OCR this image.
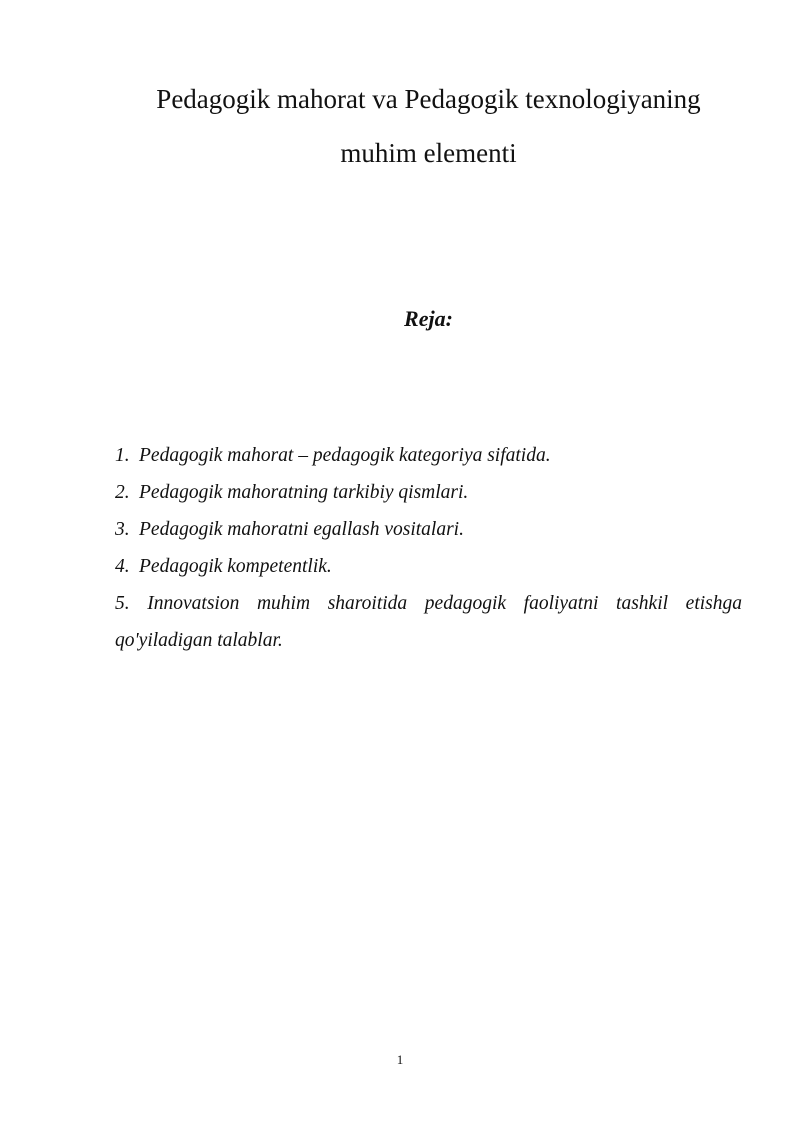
Pedagogik mahorat va Pedagogik texnologiyaning
muhim elementi
Reja:
1. Pedagogik mahorat – pedagogik kategoriya sifatida.
2. Pedagogik mahoratning tarkibiy qismlari.
3. Pedagogik mahoratni egallash vositalari.
4. Pedagogik kompetentlik.
5. Innovatsion muhim sharoitida pedagogik faoliyatni tashkil etishga qo'yiladigan talablar.
1
